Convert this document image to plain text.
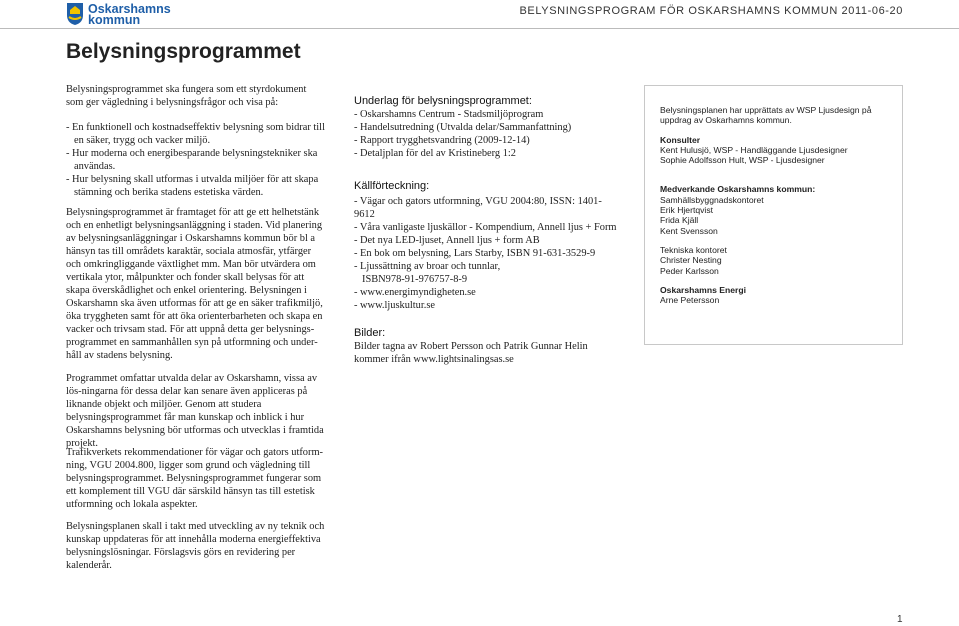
Oskarshamns
kommun
BELYSNINGSPROGRAM FÖR OSKARSHAMNS KOMMUN 2011-06-20
Belysningsprogrammet

Belysningsprogrammet ska fungera som ett styrdokument som ger vägledning i belysningsfrågor och visa på:

- En funktionell och kostnadseffektiv belysning som bidrar till en säker, trygg och vacker miljö.

- Hur moderna och energibesparande belysningstekniker ska användas.

- Hur belysning skall utformas i utvalda miljöer för att skapa stämning och berika stadens estetiska värden.

Belysningsprogrammet är framtaget för att ge ett helhetstänk och en enhetligt belysningsanläggning i staden. Vid planering av belysningsanläggningar i Oskarshamns kommun bör bl a hänsyn tas till områdets karaktär, sociala atmosfär, ytfärger och omkringliggande växtlighet mm. Man bör utvärdera om vertikala ytor, målpunkter och fonder skall belysas för att skapa överskådlighet och enkel orientering. Belysningen i Oskarshamn ska även utformas för att ge en säker trafikmiljö, öka tryggheten samt för att öka orienterbarheten och skapa en vacker och trivsam stad. För att uppnå detta ger belysnings-programmet en sammanhållen syn på utformning och under-håll av stadens belysning.

Programmet omfattar utvalda delar av Oskarshamn, vissa av lös-ningarna för dessa delar kan senare även appliceras på liknande objekt och miljöer. Genom att studera belysningsprogrammet får man kunskap och inblick i hur Oskarshamns belysning bör utformas och utvecklas i framtida projekt.

Trafikverkets rekommendationer för vägar och gators utform-ning, VGU 2004.800, ligger som grund och vägledning till belysningsprogrammet. Belysningsprogrammet fungerar som ett komplement till VGU där särskild hänsyn tas till estetisk utformning och lokala aspekter.

Belysningsplanen skall i takt med utveckling av ny teknik och kunskap uppdateras för att innehålla moderna energieffektiva belysningslösningar. Förslagsvis görs en revidering per kalenderår.

Underlag för belysningsprogrammet:
- Oskarshamns Centrum - Stadsmiljöprogram
- Handelsutredning (Utvalda delar/Sammanfattning)
- Rapport trygghetsvandring (2009-12-14)
- Detaljplan för del av Kristineberg 1:2
Källförteckning:
- Vägar och gators utformning, VGU 2004:80, ISSN: 1401-9612
- Våra vanligaste ljuskällor - Kompendium, Annell ljus + Form
- Det nya LED-ljuset, Annell ljus + form AB
- En bok om belysning, Lars Starby, ISBN 91-631-3529-9
- Ljussättning av broar och tunnlar,
ISBN978-91-976757-8-9
- www.energimyndigheten.se
- www.ljuskultur.se
Bilder:

Bilder tagna av Robert Persson och Patrik Gunnar Helin kommer ifrån www.lightsinalingsas.se

Belysningsplanen har upprättats av WSP Ljusdesign på uppdrag av Oskarhamns kommun.

Konsulter

Kent Hulusjö, WSP - Handläggande Ljusdesigner

Sophie Adolfsson Hult, WSP - Ljusdesigner

Medverkande Oskarshamns kommun:

Samhällsbyggnadskontoret

Erik Hjertqvist

Frida Kjäll

Kent Svensson

Tekniska kontoret

Christer Nesting

Peder Karlsson

Oskarshamns Energi

Arne Petersson

1
